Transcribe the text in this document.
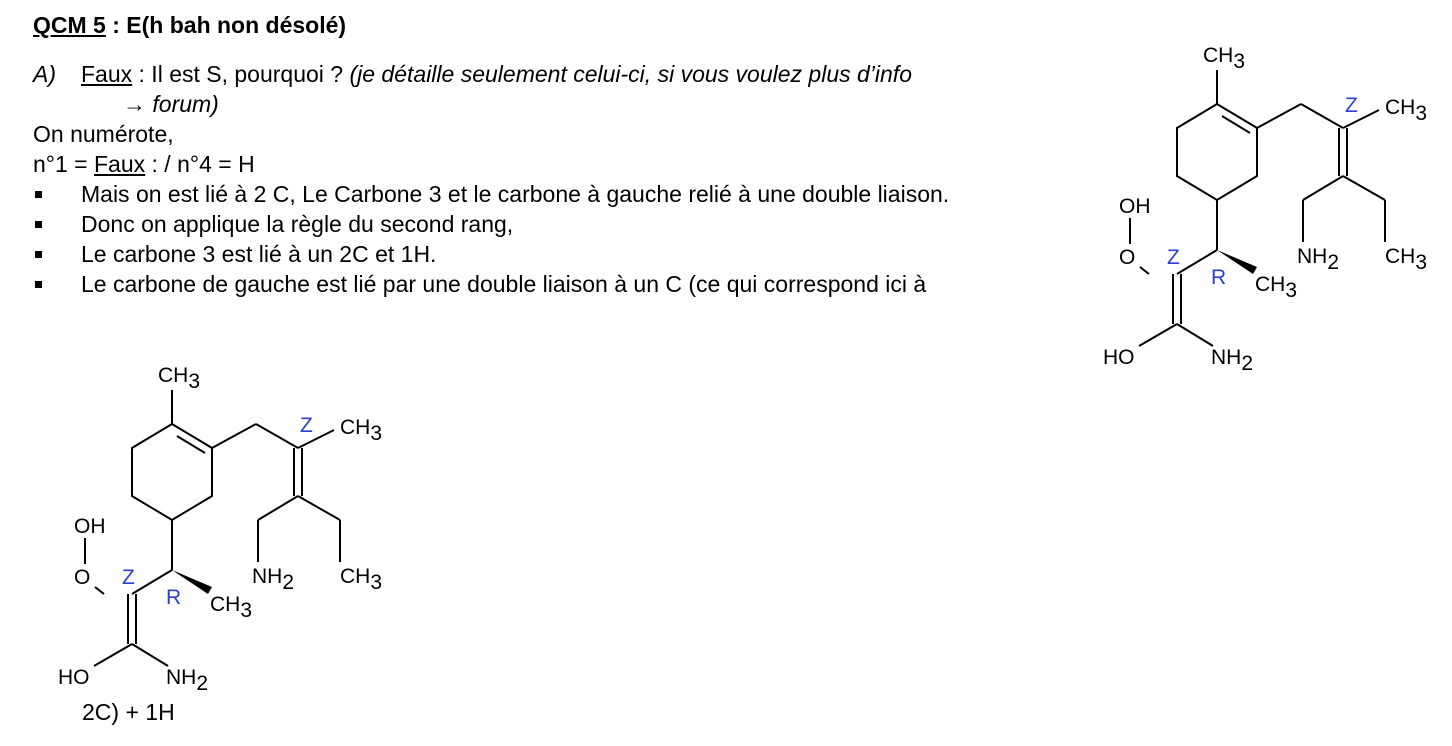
QCM 5 : E(h bah non désolé)
A) Faux : Il est S, pourquoi ? (je détaille seulement celui-ci, si vous voulez plus d’info
→ forum)
On numérote,
n°1 = Faux : / n°4 = H
Mais on est lié à 2 C, Le Carbone 3 et le carbone à gauche relié à une double liaison.
Donc on applique la règle du second rang,
Le carbone 3 est lié à un 2C et 1H.
Le carbone de gauche est lié par une double liaison à un C (ce qui correspond ici à
CH3
CH3
CH3
CH3
NH2
NH2
OH
O
HO
Z
Z
R
CH3
CH3
CH3
CH3
NH2
NH2
OH
O
HO
Z
Z
R
2C) + 1H
